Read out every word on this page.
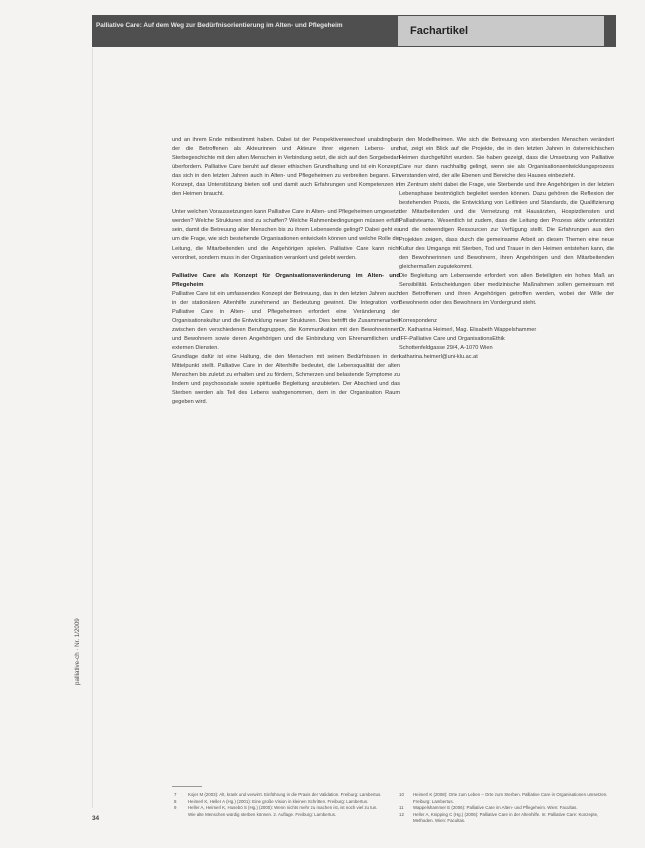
Palliative Care: Auf dem Weg zur Bedürfnisorientierung im Alten- und Pflegeheim	Fachartikel

und an ihrem Ende mitbestimmt haben. Dabei ist der Perspektivenwechsel unabdingbar, der die Betroffenen als Akteurinnen und Akteure ihrer eigenen Lebens- und Sterbegeschichte mit den alten Menschen in Verbindung setzt, die sich auf den Sorgebedarf überfordern. Palliative Care beruht auf dieser ethischen Grundhaltung und ist ein Konzept, das sich in den letzten Jahren auch in Alten- und Pflegeheimen zu verbreiten begann. Ein Konzept, das Unterstützung bieten soll und damit auch Erfahrungen und Kompetenzen in den Heimen braucht.

Unter welchen Voraussetzungen kann Palliative Care in Alten- und Pflegeheimen umgesetzt werden? Welche Strukturen sind zu schaffen? Welche Rahmenbedingungen müssen erfüllt sein, damit die Betreuung alter Menschen bis zu ihrem Lebensende gelingt? Dabei geht es um die Frage, wie sich bestehende Organisationen entwickeln können und welche Rolle die Leitung, die Mitarbeitenden und die Angehörigen spielen. Palliative Care kann nicht verordnet, sondern muss in der Organisation verankert und gelebt werden.

Palliative Care als Konzept für Organisationsveränderung im Alten- und Pflegeheim

Palliative Care ist ein umfassendes Konzept der Betreuung, das in den letzten Jahren auch in der stationären Altenhilfe zunehmend an Bedeutung gewinnt. Die Integration von Palliative Care in Alten- und Pflegeheimen erfordert eine Veränderung der Organisationskultur und die Entwicklung neuer Strukturen. Dies betrifft die Zusammenarbeit zwischen den verschiedenen Berufsgruppen, die Kommunikation mit den Bewohnerinnen und Bewohnern sowie deren Angehörigen und die Einbindung von Ehrenamtlichen und externen Diensten.

Grundlage dafür ist eine Haltung, die den Menschen mit seinen Bedürfnissen in den Mittelpunkt stellt. Palliative Care in der Altenhilfe bedeutet, die Lebensqualität der alten Menschen bis zuletzt zu erhalten und zu fördern, Schmerzen und belastende Symptome zu lindern und psychosoziale sowie spirituelle Begleitung anzubieten. Der Abschied und das Sterben werden als Teil des Lebens wahrgenommen, dem in der Organisation Raum gegeben wird.

in den Modellheimen. Wie sich die Betreuung von sterbenden Menschen verändert hat, zeigt ein Blick auf die Projekte, die in den letzten Jahren in österreichischen Heimen durchgeführt wurden. Sie haben gezeigt, dass die Umsetzung von Palliative Care nur dann nachhaltig gelingt, wenn sie als Organisationsentwicklungsprozess verstanden wird, der alle Ebenen und Bereiche des Hauses einbezieht.

Im Zentrum steht dabei die Frage, wie Sterbende und ihre Angehörigen in der letzten Lebensphase bestmöglich begleitet werden können. Dazu gehören die Reflexion der bestehenden Praxis, die Entwicklung von Leitlinien und Standards, die Qualifizierung der Mitarbeitenden und die Vernetzung mit Hausärzten, Hospizdiensten und Palliativteams. Wesentlich ist zudem, dass die Leitung den Prozess aktiv unterstützt und die notwendigen Ressourcen zur Verfügung stellt. Die Erfahrungen aus den Projekten zeigen, dass durch die gemeinsame Arbeit an diesen Themen eine neue Kultur des Umgangs mit Sterben, Tod und Trauer in den Heimen entstehen kann, die den Bewohnerinnen und Bewohnern, ihren Angehörigen und den Mitarbeitenden gleichermaßen zugutekommt.

Die Begleitung am Lebensende erfordert von allen Beteiligten ein hohes Maß an Sensibilität. Entscheidungen über medizinische Maßnahmen sollen gemeinsam mit den Betroffenen und ihren Angehörigen getroffen werden, wobei der Wille der Bewohnerin oder des Bewohners im Vordergrund steht.

Korrespondenz

Dr. Katharina Heimerl, Mag. Elisabeth Wappelshammer

IFF-Palliative Care und OrganisationsEthik

Schottenfeldgasse 29/4, A-1070 Wien

katharina.heimerl@uni-klu.ac.at

7	Kojer M (2003): Alt, krank und verwirrt. Einführung in die Praxis der Validation. Freiburg: Lambertus.
8	Heimerl K, Heller A (Hg.) (2001): Eine große Vision in kleinen Schritten. Freiburg: Lambertus.
9	Heller A, Heimerl K, Husebö S (Hg.) (2000): Wenn nichts mehr zu machen ist, ist noch viel zu tun. Wie alte Menschen würdig sterben können. 2. Auflage. Freiburg: Lambertus.
10	Heimerl K (2008): Orte zum Leben – Orte zum Sterben. Palliative Care in Organisationen umsetzen. Freiburg: Lambertus.
11	Wappelshammer E (2006): Palliative Care im Alten- und Pflegeheim. Wien: Facultas.
12	Heller A, Knipping C (Hg.) (2006): Palliative Care in der Altenhilfe. In: Palliative Care: Konzepte, Methoden. Wien: Facultas.
palliative-ch · Nr. 1/2009
34
